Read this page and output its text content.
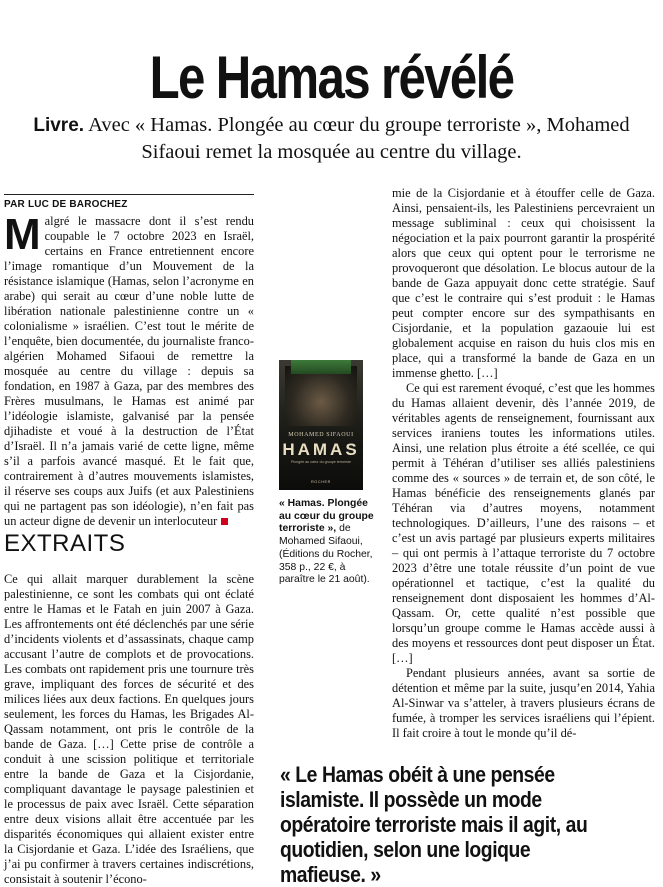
Le Hamas révélé
Livre. Avec « Hamas. Plongée au cœur du groupe terroriste », Mohamed Sifaoui remet la mosquée au centre du village.
PAR LUC DE BAROCHEZ

Malgré le massacre dont il s’est rendu coupable le 7 octobre 2023 en Israël, certains en France entretiennent encore l’image romantique d’un Mouvement de la résistance islamique (Hamas, selon l’acronyme en arabe) qui serait au cœur d’une noble lutte de libération nationale palestinienne contre un « colonialisme » israélien. C’est tout le mérite de l’enquête, bien documentée, du journaliste franco-algérien Mohamed Sifaoui de remettre la mosquée au centre du village : depuis sa fondation, en 1987 à Gaza, par des membres des Frères musulmans, le Hamas est animé par l’idéologie islamiste, galvanisé par la pensée djihadiste et voué à la destruction de l’État d’Israël. Il n’a jamais varié de cette ligne, même s’il a parfois avancé masqué. Et le fait que, contrairement à d’autres mouvements islamistes, il réserve ses coups aux Juifs (et aux Palestiniens qui ne partagent pas son idéologie), n’en fait pas un acteur digne de devenir un interlocuteur

EXTRAITS

Ce qui allait marquer durablement la scène palestinienne, ce sont les combats qui ont éclaté entre le Hamas et le Fatah en juin 2007 à Gaza. Les affrontements ont été déclenchés par une série d’incidents violents et d’assassinats, chaque camp accusant l’autre de complots et de provocations. Les combats ont rapidement pris une tournure très grave, impliquant des forces de sécurité et des milices liées aux deux factions. En quelques jours seulement, les forces du Hamas, les Brigades Al-Qassam notamment, ont pris le contrôle de la bande de Gaza. […] Cette prise de contrôle a conduit à une scission politique et territoriale entre la bande de Gaza et la Cisjordanie, compliquant davantage le paysage palestinien et le processus de paix avec Israël. Cette séparation entre deux visions allait être accentuée par les disparités économiques qui allaient exister entre la Cisjordanie et Gaza. L’idée des Israéliens, que j’ai pu confirmer à travers certaines indiscrétions, consistait à soutenir l’écono-

MOHAMED SIFAOUI
HAMAS
Plongée au cœur du groupe terroriste
ROCHER
« Hamas. Plongée au cœur du groupe terroriste », de Mohamed Sifaoui, (Éditions du Rocher, 358 p., 22 €, à paraître le 21 août).

mie de la Cisjordanie et à étouffer celle de Gaza. Ainsi, pensaient-ils, les Palestiniens percevraient un message subliminal : ceux qui choisissent la négociation et la paix pourront garantir la prospérité alors que ceux qui optent pour le terrorisme ne provoqueront que désolation. Le blocus autour de la bande de Gaza appuyait donc cette stratégie. Sauf que c’est le contraire qui s’est produit : le Hamas peut compter encore sur des sympathisants en Cisjordanie, et la population gazaouie lui est globalement acquise en raison du huis clos mis en place, qui a transformé la bande de Gaza en un immense ghetto. […]

Ce qui est rarement évoqué, c’est que les hommes du Hamas allaient devenir, dès l’année 2019, de véritables agents de renseignement, fournissant aux services iraniens toutes les informations utiles. Ainsi, une relation plus étroite a été scellée, ce qui permit à Téhéran d’utiliser ses alliés palestiniens comme des « sources » de terrain et, de son côté, le Hamas bénéficie des renseignements glanés par Téhéran via d’autres moyens, notamment technologiques. D’ailleurs, l’une des raisons – et c’est un avis partagé par plusieurs experts militaires – qui ont permis à l’attaque terroriste du 7 octobre 2023 d’être une totale réussite d’un point de vue opérationnel et tactique, c’est la qualité du renseignement dont disposaient les hommes d’Al-Qassam. Or, cette qualité n’est possible que lorsqu’un groupe comme le Hamas accède aussi à des moyens et ressources dont peut disposer un État. […]

Pendant plusieurs années, avant sa sortie de détention et même par la suite, jusqu’en 2014, Yahia Al-Sinwar va s’atteler, à travers plusieurs écrans de fumée, à tromper les services israéliens qui l’épient. Il fait croire à tout le monde qu’il dé-

« Le Hamas obéit à une pensée islamiste. Il possède un mode opératoire terroriste mais il agit, au quotidien, selon une logique mafieuse. »
